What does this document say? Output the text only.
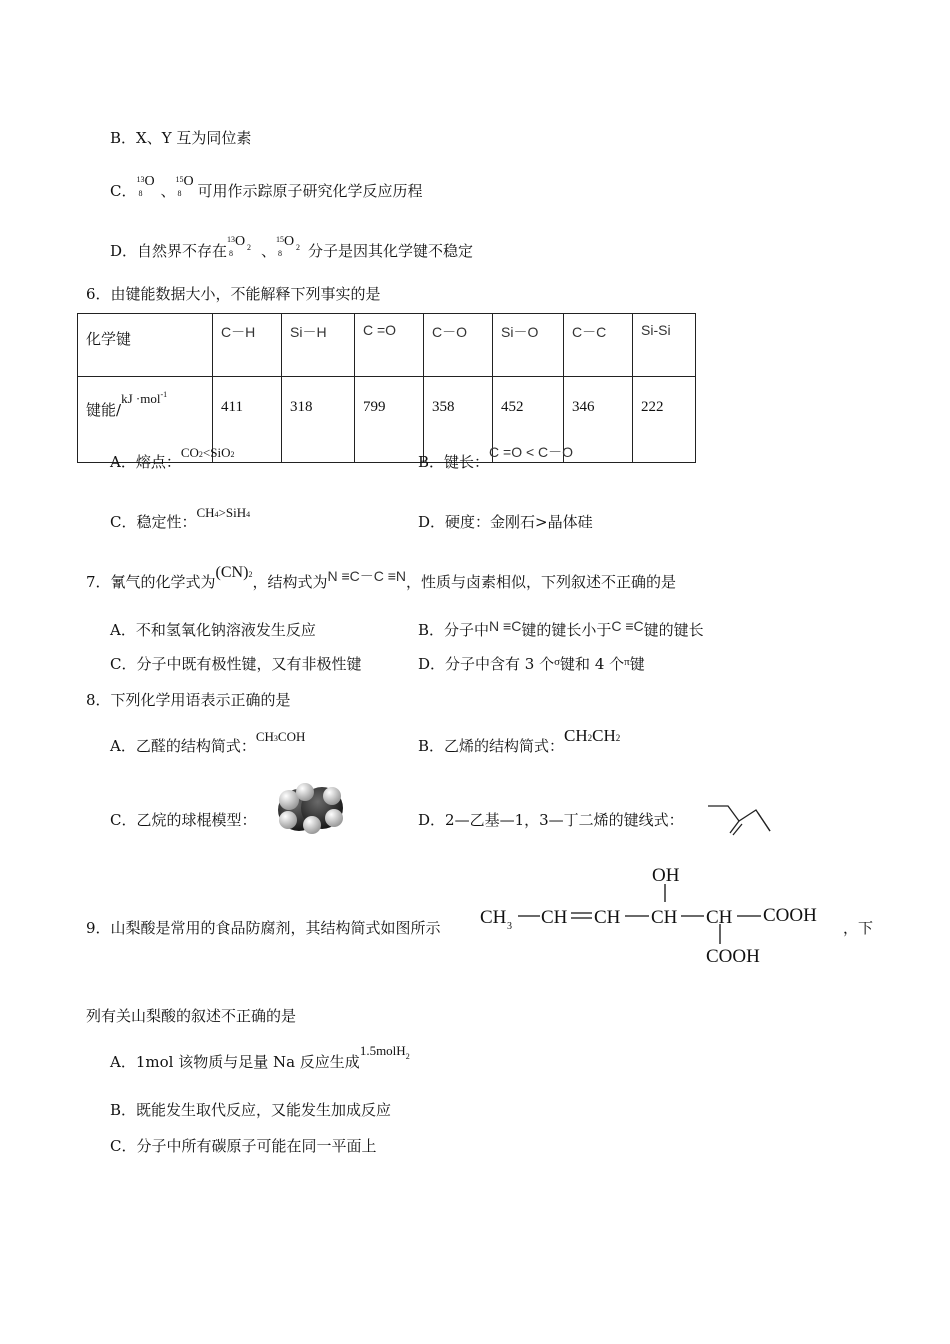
B．X、Y 互为同位素
C．
13
8
O
、
15
8
O
可用作示踪原子研究化学反应历程
D．自然界不存在
13
8
O 2 、
15
8
O 2 分子是因其化学键不稳定
6．由键能数据大小，不能解释下列事实的是
化学键	C－H	Si－H	C =O	C－O	Si－O	C－C	Si-Si
键能/kJ ·mol$^{-1}$	411	318	799	358	452	346	222
A．熔点：$CO^2<SiO^2$	B．键长：C =O < C－O
C．稳定性：$CH^4>SiH^4$	D．硬度：金刚石>晶体硅
7．氰气的化学式为(CN)$^2$，结构式为N ≡C－C ≡N，性质与卤素相似，下列叙述不正确的是
A．不和氢氧化钠溶液发生反应	B．分子中N ≡C键的键长小于C ≡C键的键长
C．分子中既有极性键，又有非极性键	D．分子中含有 3 个$^\sigma$键和 4 个$^\pi$键
8．下列化学用语表示正确的是
A．乙醛的结构简式：$CH^3COH$
B．乙烯的结构简式：$CH^2CH^2$
C．乙烷的球棍模型：	D．2—乙基—1，3—丁二烯的键线式：
9．山梨酸是常用的食品防腐剂，其结构简式如图所示 CH 3 CH CH CH CH
OH
COOH
COOH
，下
列有关山梨酸的叙述不正确的是
A．1mol 该物质与足量 Na 反应生成1.5molH$^2$
B．既能发生取代反应，又能发生加成反应
C．分子中所有碳原子可能在同一平面上
